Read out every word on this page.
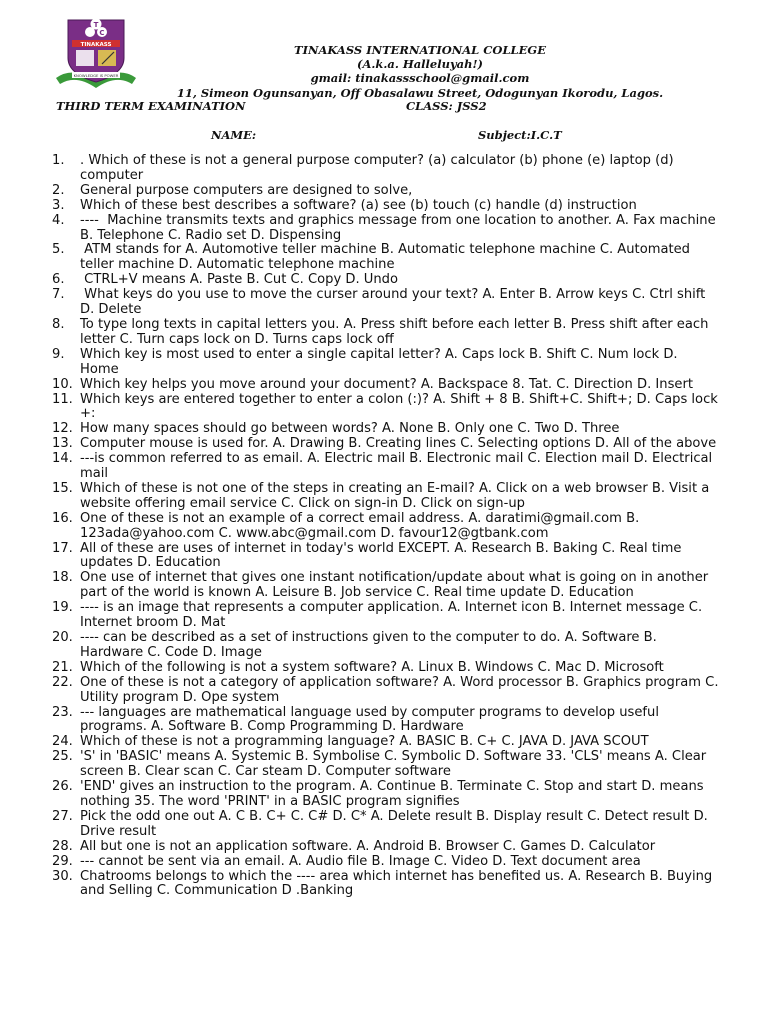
T
C
TINAKASS
KNOWLEDGE IS POWER
TINAKASS INTERNATIONAL COLLEGE
(A.k.a. Halleluyah!)
gmail: tinakassschool@gmail.com
11, Simeon Ogunsanyan, Off Obasalawu Street, Odogunyan Ikorodu, Lagos.
THIRD TERM EXAMINATION	CLASS: JSS2
NAME:	Subject:I.C.T
1.	. Which of these is not a general purpose computer? (a) calculator (b) phone (e) laptop (d) computer
2.	General purpose computers are designed to solve,
3.	Which of these best describes a software? (a) see (b) touch (c) handle (d) instruction
4.	----  Machine transmits texts and graphics message from one location to another. A. Fax machine B. Telephone C. Radio set D. Dispensing
5.	ATM stands for A. Automotive teller machine B. Automatic telephone machine C. Automated teller machine D. Automatic telephone machine
6.	CTRL+V means A. Paste B. Cut C. Copy D. Undo
7.	What keys do you use to move the curser around your text? A. Enter B. Arrow keys C. Ctrl shift D. Delete
8.	To type long texts in capital letters you. A. Press shift before each letter B. Press shift after each letter C. Turn caps lock on D. Turns caps lock off
9.	Which key is most used to enter a single capital letter? A. Caps lock B. Shift C. Num lock D. Home
10. Which key helps you move around your document? A. Backspace 8. Tat. C. Direction D. Insert
11. Which keys are entered together to enter a colon (:)? A. Shift + 8 B. Shift+C. Shift+; D. Caps lock +:
12. How many spaces should go between words? A. None B. Only one C. Two D. Three
13. Computer mouse is used for. A. Drawing B. Creating lines C. Selecting options D. All of the above
14. ---is common referred to as email. A. Electric mail B. Electronic mail C. Election mail D. Electrical mail
15. Which of these is not one of the steps in creating an E-mail? A. Click on a web browser B. Visit a website offering email service C. Click on sign-in D. Click on sign-up
16. One of these is not an example of a correct email address. A. daratimi@gmail.com B. 123ada@yahoo.com C. www.abc@gmail.com D. favour12@gtbank.com
17. All of these are uses of internet in today's world EXCEPT. A. Research B. Baking C. Real time updates D. Education
18. One use of internet that gives one instant notification/update about what is going on in another part of the world is known A. Leisure B. Job service C. Real time update D. Education
19. ---- is an image that represents a computer application. A. Internet icon B. Internet message C. Internet broom D. Mat
20. ---- can be described as a set of instructions given to the computer to do. A. Software B. Hardware C. Code D. Image
21. Which of the following is not a system software? A. Linux B. Windows C. Mac D. Microsoft
22. One of these is not a category of application software? A. Word processor B. Graphics program C. Utility program D. Ope system
23. --- languages are mathematical language used by computer programs to develop useful programs. A. Software B. Comp Programming D. Hardware
24. Which of these is not a programming language? A. BASIC B. C+ C. JAVA D. JAVA SCOUT
25. 'S' in 'BASIC' means A. Systemic B. Symbolise C. Symbolic D. Software 33. 'CLS' means A. Clear screen B. Clear scan C. Car steam D. Computer software
26. 'END' gives an instruction to the program. A. Continue B. Terminate C. Stop and start D. means nothing 35. The word 'PRINT' in a BASIC program signifies
27. Pick the odd one out A. C B. C+ C. C# D. C* A. Delete result B. Display result C. Detect result D. Drive result
28. All but one is not an application software. A. Android B. Browser C. Games D. Calculator
29. --- cannot be sent via an email. A. Audio file B. Image C. Video D. Text document area
30. Chatrooms belongs to which the ---- area which internet has benefited us. A. Research B. Buying and Selling C. Communication D .Banking
